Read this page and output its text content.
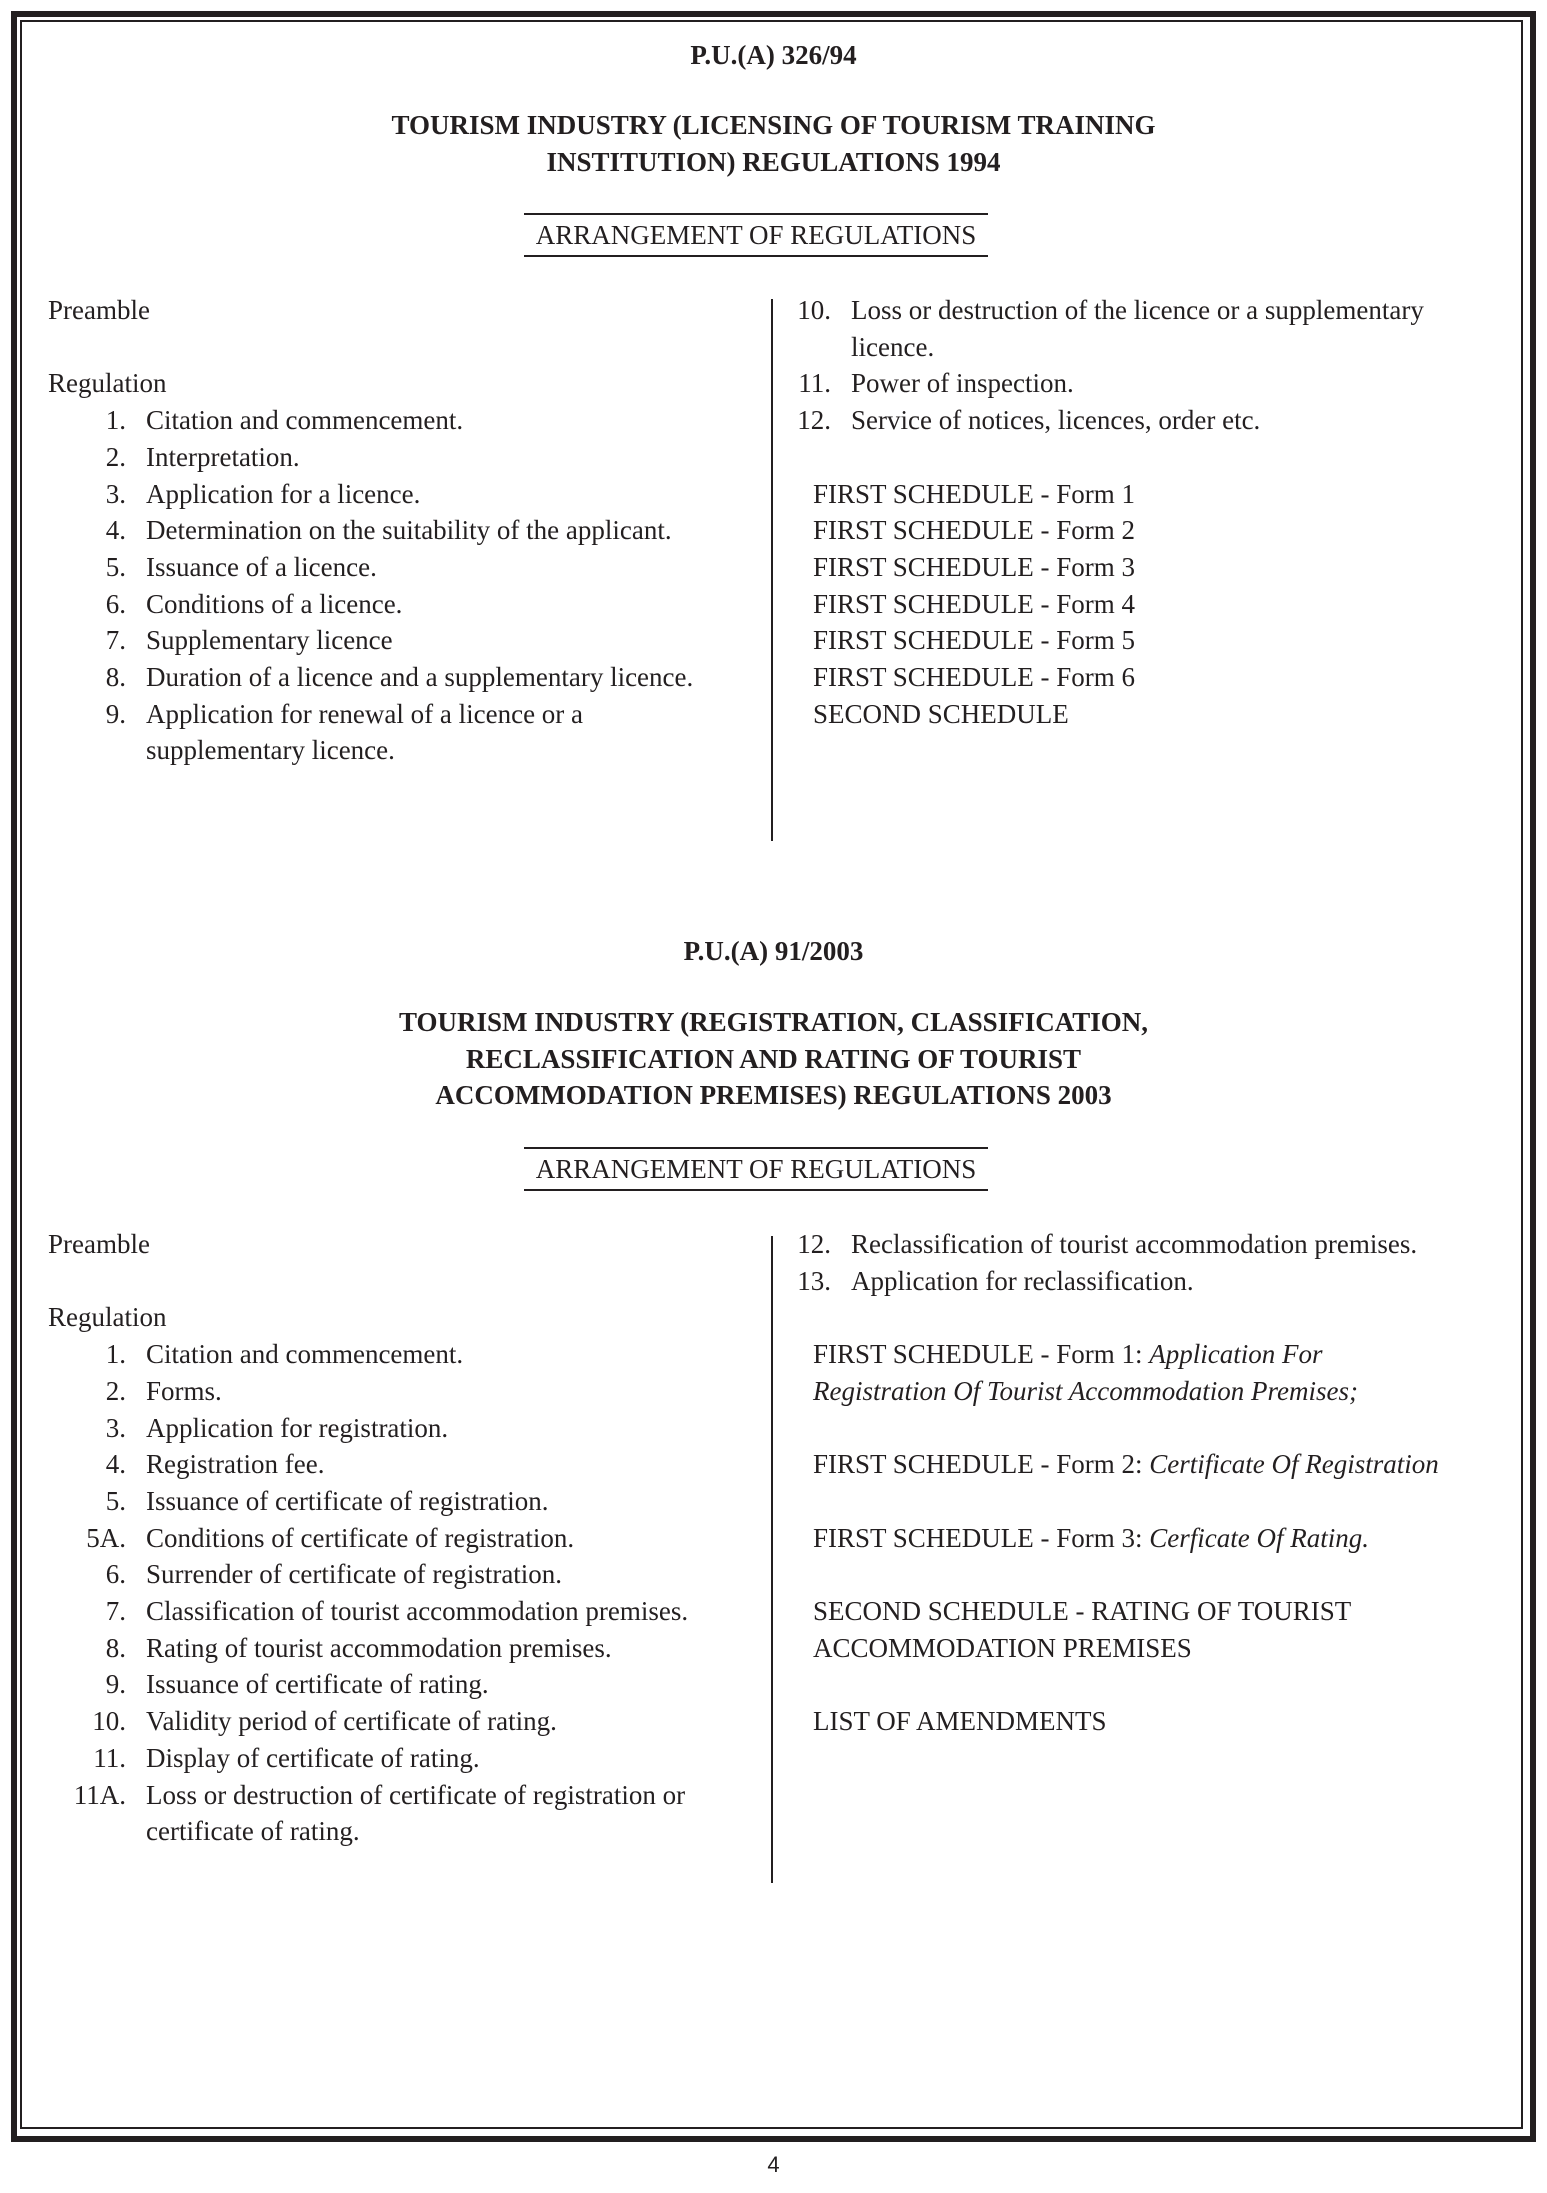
P.U.(A) 326/94
TOURISM INDUSTRY (LICENSING OF TOURISM TRAINING
INSTITUTION) REGULATIONS 1994
ARRANGEMENT OF REGULATIONS
Preamble
Regulation
1. Citation and commencement.
2. Interpretation.
3. Application for a licence.
4. Determination on the suitability of the applicant.
5. Issuance of a licence.
6. Conditions of a licence.
7. Supplementary licence
8. Duration of a licence and a supplementary licence.
9. Application for renewal of a licence or a supplementary licence.
10. Loss or destruction of the licence or a supplementary licence.
11. Power of inspection.
12. Service of notices, licences, order etc.
FIRST SCHEDULE - Form 1
FIRST SCHEDULE - Form 2
FIRST SCHEDULE - Form 3
FIRST SCHEDULE - Form 4
FIRST SCHEDULE - Form 5
FIRST SCHEDULE - Form 6
SECOND SCHEDULE
P.U.(A) 91/2003
TOURISM INDUSTRY (REGISTRATION, CLASSIFICATION,
RECLASSIFICATION AND RATING OF TOURIST
ACCOMMODATION PREMISES) REGULATIONS 2003
ARRANGEMENT OF REGULATIONS
Preamble
Regulation
1. Citation and commencement.
2. Forms.
3. Application for registration.
4. Registration fee.
5. Issuance of certificate of registration.
5A. Conditions of certificate of registration.
6. Surrender of certificate of registration.
7. Classification of tourist accommodation premises.
8. Rating of tourist accommodation premises.
9. Issuance of certificate of rating.
10. Validity period of certificate of rating.
11. Display of certificate of rating.
11A. Loss or destruction of certificate of registration or certificate of rating.
12. Reclassification of tourist accommodation premises.
13. Application for reclassification.
FIRST SCHEDULE - Form 1: Application For Registration Of Tourist Accommodation Premises;
FIRST SCHEDULE - Form 2: Certificate Of Registration
FIRST SCHEDULE - Form 3: Cerficate Of Rating.
SECOND SCHEDULE - RATING OF TOURIST ACCOMMODATION PREMISES
LIST OF AMENDMENTS
4
